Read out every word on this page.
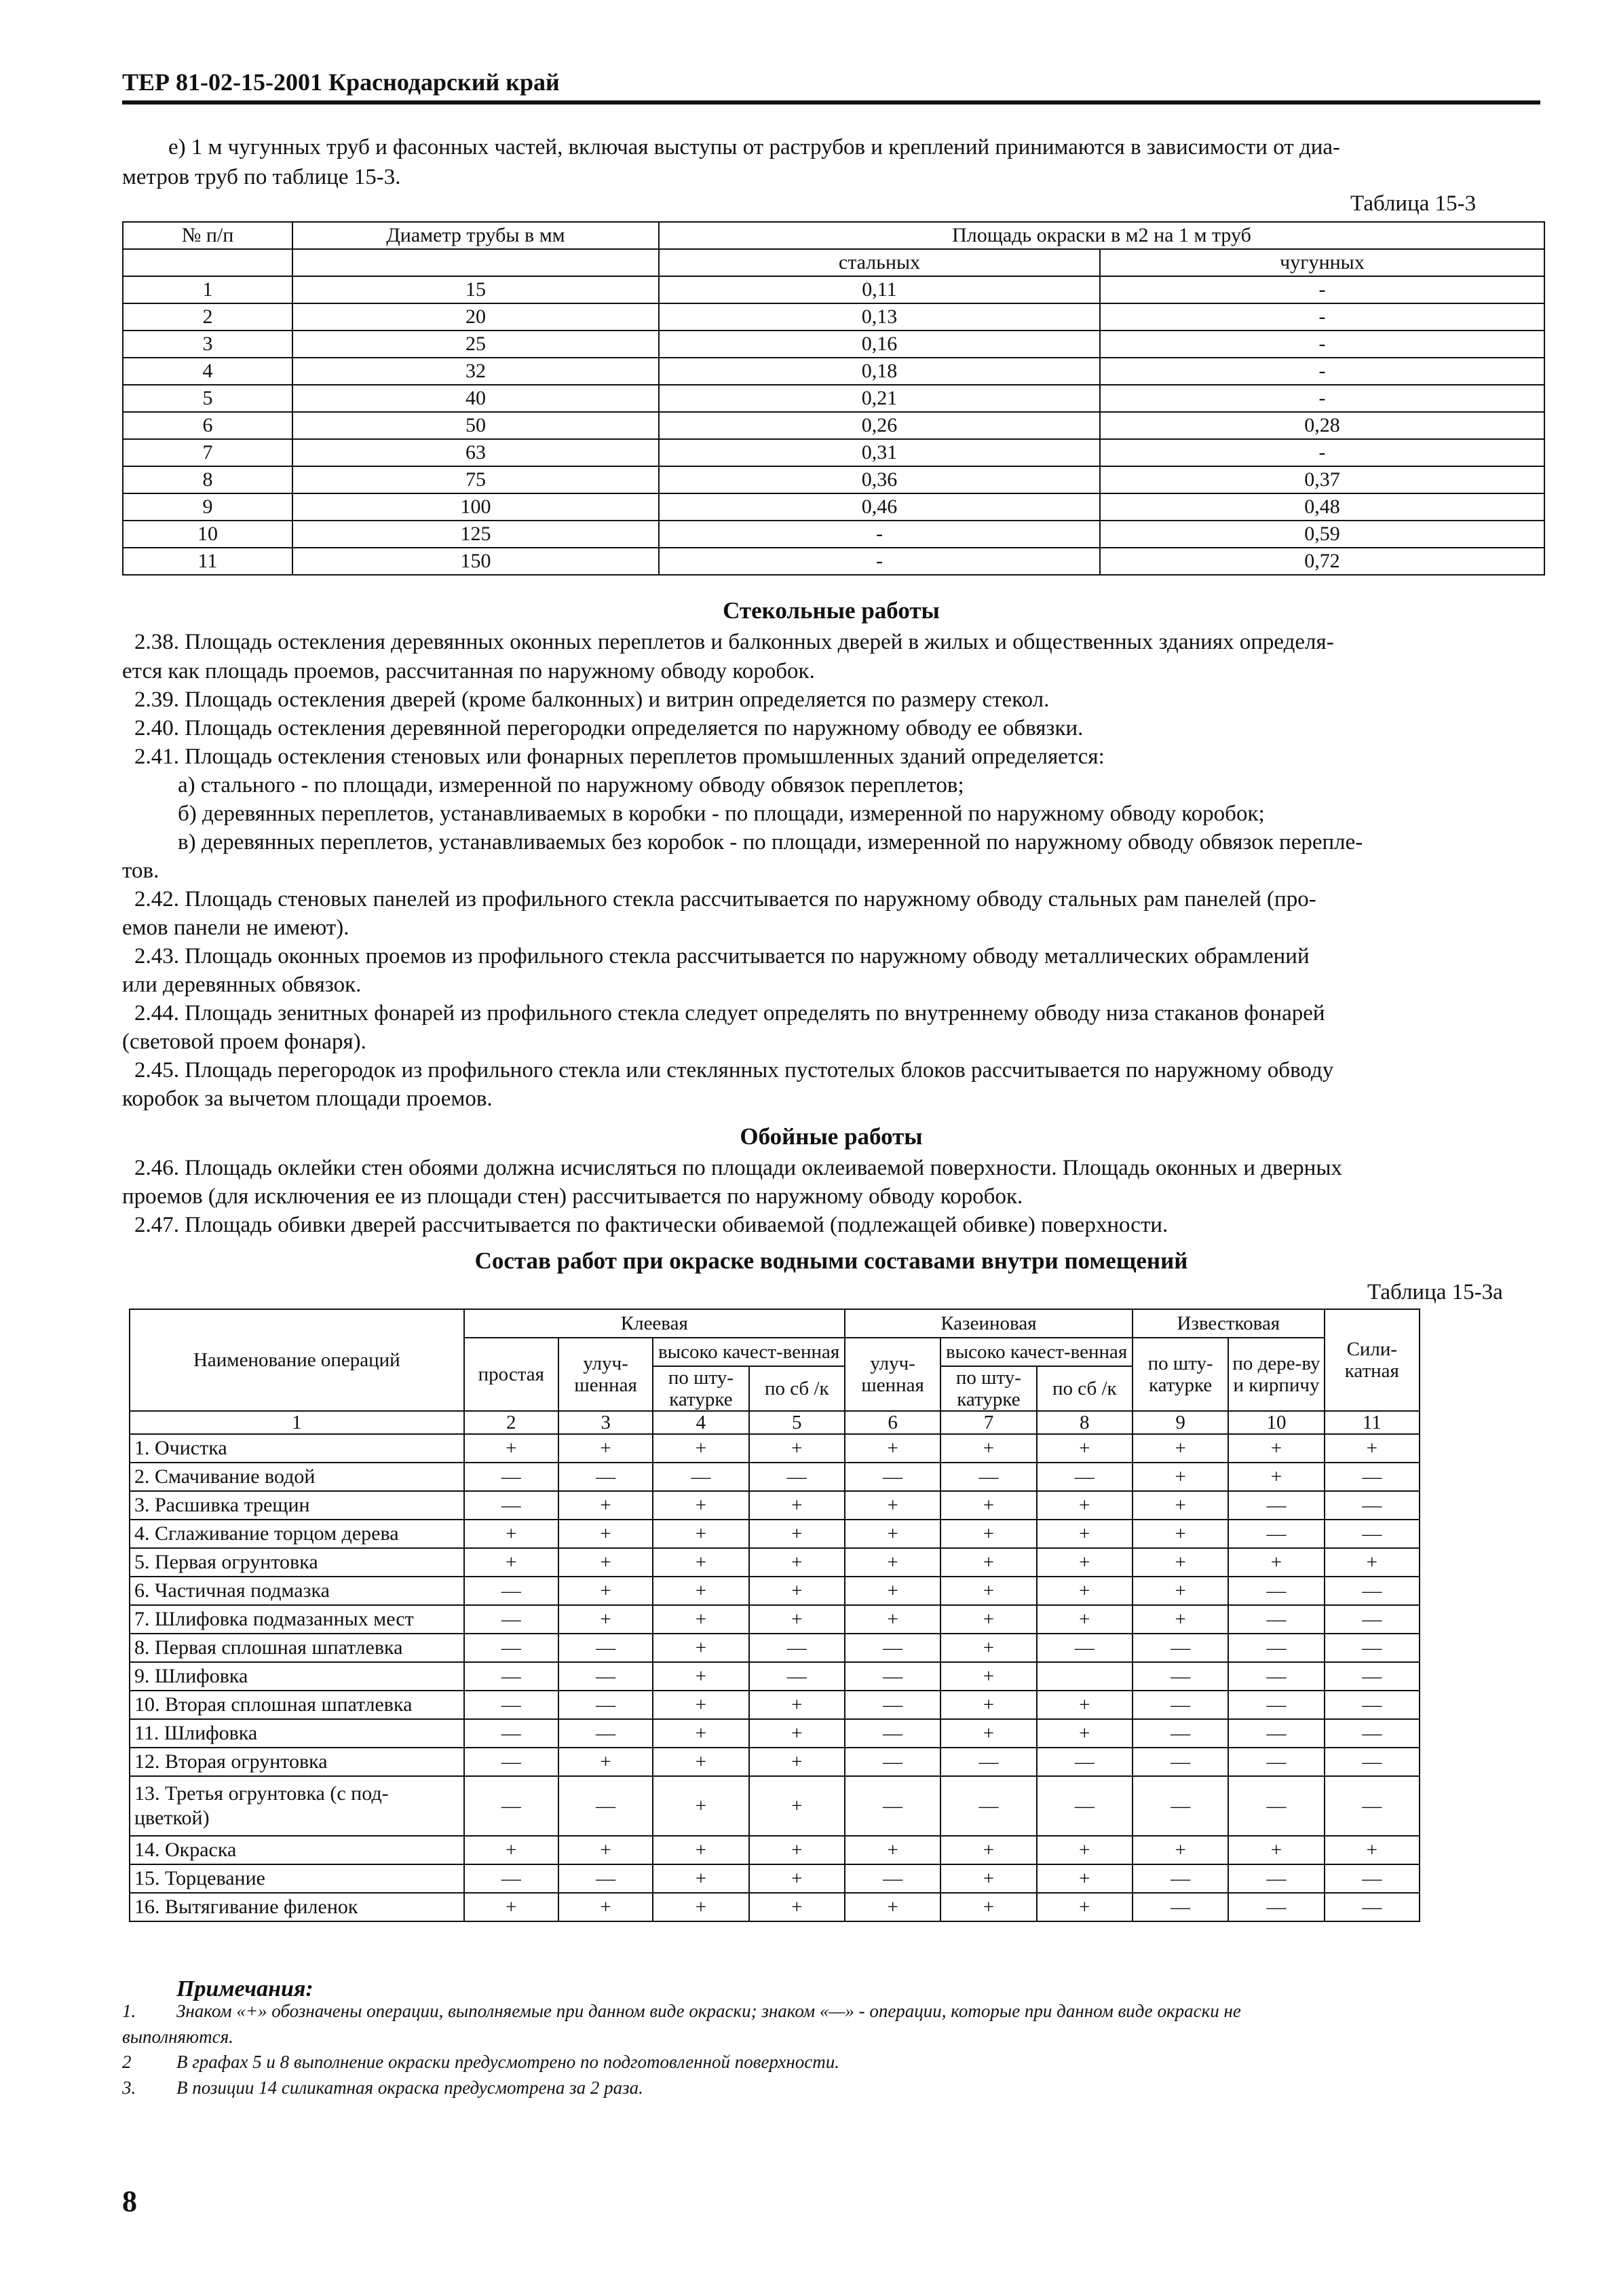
ТЕР 81-02-15-2001 Краснодарский край
е) 1 м чугунных труб и фасонных частей, включая выступы от раструбов и креплений принимаются в зависимости от диа-
метров труб по таблице 15-3.
Таблица 15-3
№ п/п	Диаметр трубы в мм	Площадь окраски в м2 на 1 м труб	
		стальных	чугунных
1	15	0,11	-
2	20	0,13	-
3	25	0,16	-
4	32	0,18	-
5	40	0,21	-
6	50	0,26	0,28
7	63	0,31	-
8	75	0,36	0,37
9	100	0,46	0,48
10	125	-	0,59
11	150	-	0,72
Стекольные работы
2.38. Площадь остекления деревянных оконных переплетов и балконных дверей в жилых и общественных зданиях определя-
ется как площадь проемов, рассчитанная по наружному обводу коробок.
2.39. Площадь остекления дверей (кроме балконных) и витрин определяется по размеру стекол.
2.40. Площадь остекления деревянной перегородки определяется по наружному обводу ее обвязки.
2.41. Площадь остекления стеновых или фонарных переплетов промышленных зданий определяется:
а) стального - по площади, измеренной по наружному обводу обвязок переплетов;
б) деревянных переплетов, устанавливаемых в коробки - по площади, измеренной по наружному обводу коробок;
в) деревянных переплетов, устанавливаемых без коробок - по площади, измеренной по наружному обводу обвязок переплe-
тов.
2.42. Площадь стеновых панелей из профильного стекла рассчитывается по наружному обводу стальных рам панелей (про-
емов панели не имеют).
2.43. Площадь оконных проемов из профильного стекла рассчитывается по наружному обводу металлических обрамлений
или деревянных обвязок.
2.44. Площадь зенитных фонарей из профильного стекла следует определять по внутреннему обводу низа стаканов фонарей
(световой проем фонаря).
2.45. Площадь перегородок из профильного стекла или стеклянных пустотелых блоков рассчитывается по наружному обводу
коробок за вычетом площади проемов.
Обойные работы
2.46. Площадь оклейки стен обоями должна исчисляться по площади оклеиваемой поверхности. Площадь оконных и дверных
проемов (для исключения ее из площади стен) рассчитывается по наружному обводу коробок.
2.47. Площадь обивки дверей рассчитывается по фактически обиваемой (подлежащей обивке) поверхности.
Состав работ при окраске водными составами внутри помещений
Таблица 15-3а
Наименование операций	Клеевая				Казеиновая			Известковая		Сили-катная
	простая	улуч-шенная	высоко качест-венная		улуч-шенная	высоко качест-венная		по шту-катурке	по дере-ву и кирпичу	

			по шту-катурке	по сб /к		по шту-катурке	по сб /к			
1	2	3	4	5	6	7	8	9	10	11
1. Очистка	+	+	+	+	+	+	+	+	+	+
2. Смачивание водой	—	—	—	—	—	—	—	+	+	—
3. Расшивка трещин	—	+	+	+	+	+	+	+	—	—
4. Сглаживание торцом дерева	+	+	+	+	+	+	+	+	—	—
5. Первая огрунтовка	+	+	+	+	+	+	+	+	+	+
6. Частичная подмазка	—	+	+	+	+	+	+	+	—	—
7. Шлифовка подмазанных мест	—	+	+	+	+	+	+	+	—	—
8. Первая сплошная шпатлевка	—	—	+	—	—	+	—	—	—	—
9. Шлифовка	—	—	+	—	—	+		—	—	—
10. Вторая сплошная шпатлевка	—	—	+	+	—	+	+	—	—	—
11. Шлифовка	—	—	+	+	—	+	+	—	—	—
12. Вторая огрунтовка	—	+	+	+	—	—	—	—	—	—
13. Третья огрунтовка (с под-цветкой)	—	—	+	+	—	—	—	—	—	—
14. Окраска	+	+	+	+	+	+	+	+	+	+
15. Торцевание	—	—	+	+	—	+	+	—	—	—
16. Вытягивание филенок	+	+	+	+	+	+	+	—	—	—
Примечания:
1. Знаком «+» обозначены операции, выполняемые при данном виде окраски; знаком «—» - операции, которые при данном виде окраски не
выполняются.
2 В графах 5 и 8 выполнение окраски предусмотрено по подготовленной поверхности.
3. В позиции 14 силикатная окраска предусмотрена за 2 раза.
8
